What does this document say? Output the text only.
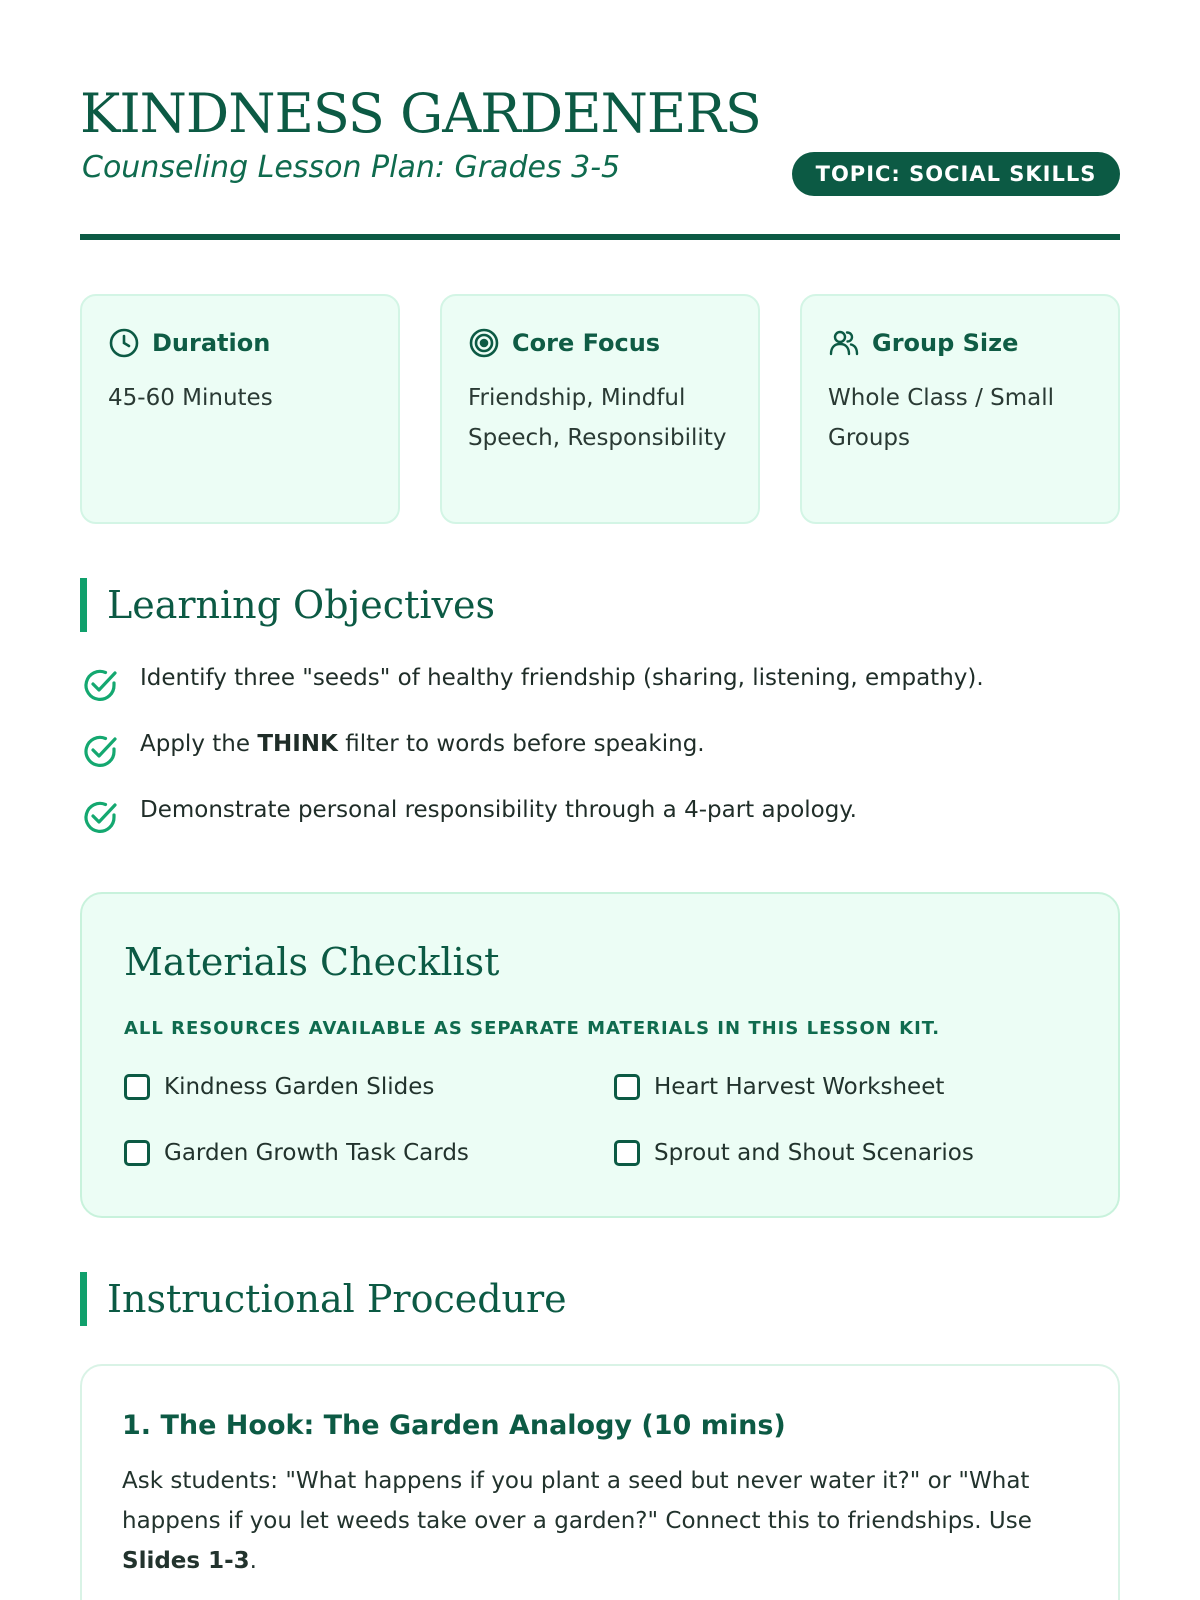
KINDNESS GARDENERS
Counseling Lesson Plan: Grades 3-5	TOPIC: SOCIAL SKILLS
Duration
45-60 Minutes
Core Focus
Friendship, Mindful Speech, Responsibility
Group Size
Whole Class / Small Groups
Learning Objectives
Identify three "seeds" of healthy friendship (sharing, listening, empathy).
Apply the THINK filter to words before speaking.
Demonstrate personal responsibility through a 4-part apology.
Materials Checklist
ALL RESOURCES AVAILABLE AS SEPARATE MATERIALS IN THIS LESSON KIT.
Kindness Garden Slides	Heart Harvest Worksheet
Garden Growth Task Cards	Sprout and Shout Scenarios
Instructional Procedure
1. The Hook: The Garden Analogy (10 mins)
Ask students: "What happens if you plant a seed but never water it?" or "What happens if you let weeds take over a garden?" Connect this to friendships. Use Slides 1-3.
